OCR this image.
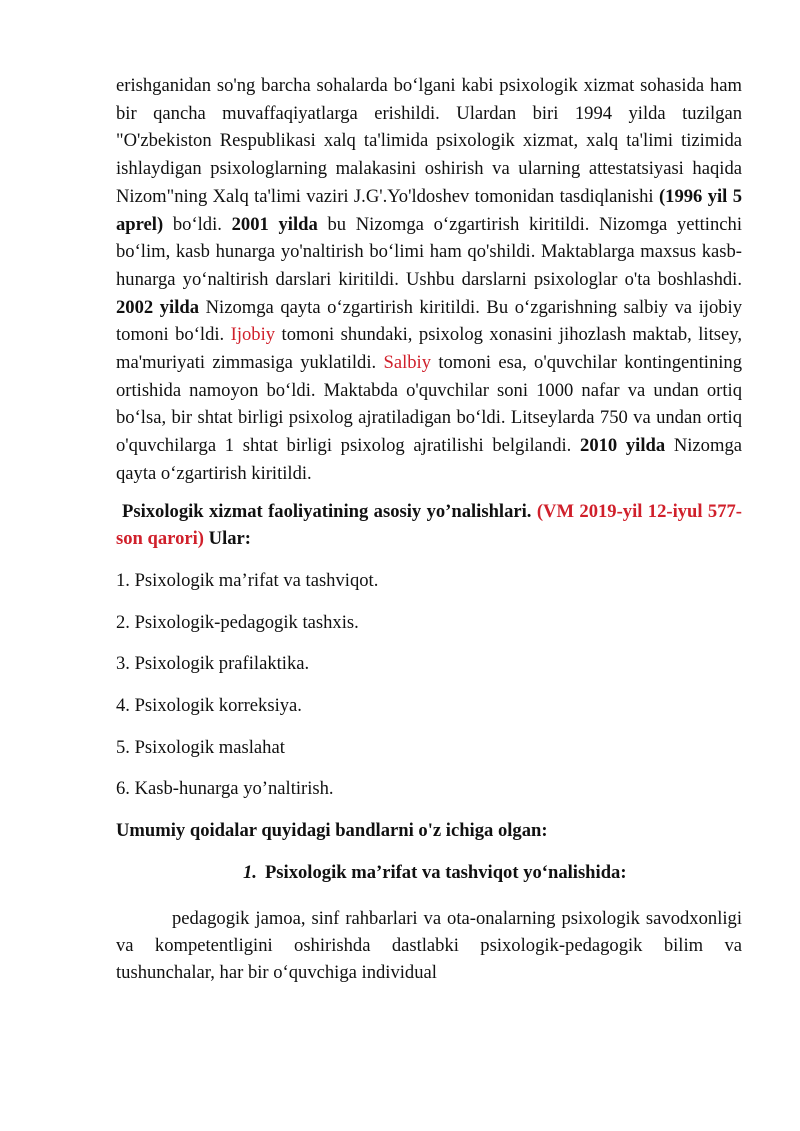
erishganidan so'ng barcha sohalarda bo‘lgani kabi psixologik xizmat sohasida ham bir qancha muvaffaqiyatlarga erishildi. Ulardan biri 1994 yilda tuzilgan "O'zbekiston Respublikasi xalq ta'limida psixologik xizmat, xalq ta'limi tizimida ishlaydigan psixologlarning malakasini oshirish va ularning attestatsiyasi haqida Nizom"ning Xalq ta'limi vaziri J.G'.Yo'ldoshev tomonidan tasdiqlanishi (1996 yil 5 aprel) bo‘ldi. 2001 yilda bu Nizomga o‘zgartirish kiritildi. Nizomga yettinchi bo‘lim, kasb hunarga yo'naltirish bo‘limi ham qo'shildi. Maktablarga maxsus kasb-hunarga yo‘naltirish darslari kiritildi. Ushbu darslarni psixologlar o'ta boshlashdi. 2002 yilda Nizomga qayta o‘zgartirish kiritildi. Bu o‘zgarishning salbiy va ijobiy tomoni bo‘ldi. Ijobiy tomoni shundaki, psixolog xonasini jihozlash maktab, litsey, ma'muriyati zimmasiga yuklatildi. Salbiy tomoni esa, o'quvchilar kontingentining ortishida namoyon bo‘ldi. Maktabda o'quvchilar soni 1000 nafar va undan ortiq bo‘lsa, bir shtat birligi psixolog ajratiladigan bo‘ldi. Litseylarda 750 va undan ortiq o'quvchilarga 1 shtat birligi psixolog ajratilishi belgilandi. 2010 yilda Nizomga qayta o‘zgartirish kiritildi.

Psixologik xizmat faoliyatining asosiy yo’nalishlari. (VM 2019-yil 12-iyul 577-son qarori) Ular:

1. Psixologik ma’rifat va tashviqot.
2. Psixologik-pedagogik tashxis.
3. Psixologik prafilaktika.
4. Psixologik korreksiya.
5. Psixologik maslahat
6. Kasb-hunarga yo’naltirish.

Umumiy qoidalar quyidagi bandlarni o'z ichiga olgan:

1. Psixologik ma’rifat va tashviqot yo‘nalishida:

pedagogik jamoa, sinf rahbarlari va ota-onalarning psixologik savodxonligi va kompetentligini oshirishda dastlabki psixologik-pedagogik bilim va tushunchalar, har bir o‘quvchiga individual
